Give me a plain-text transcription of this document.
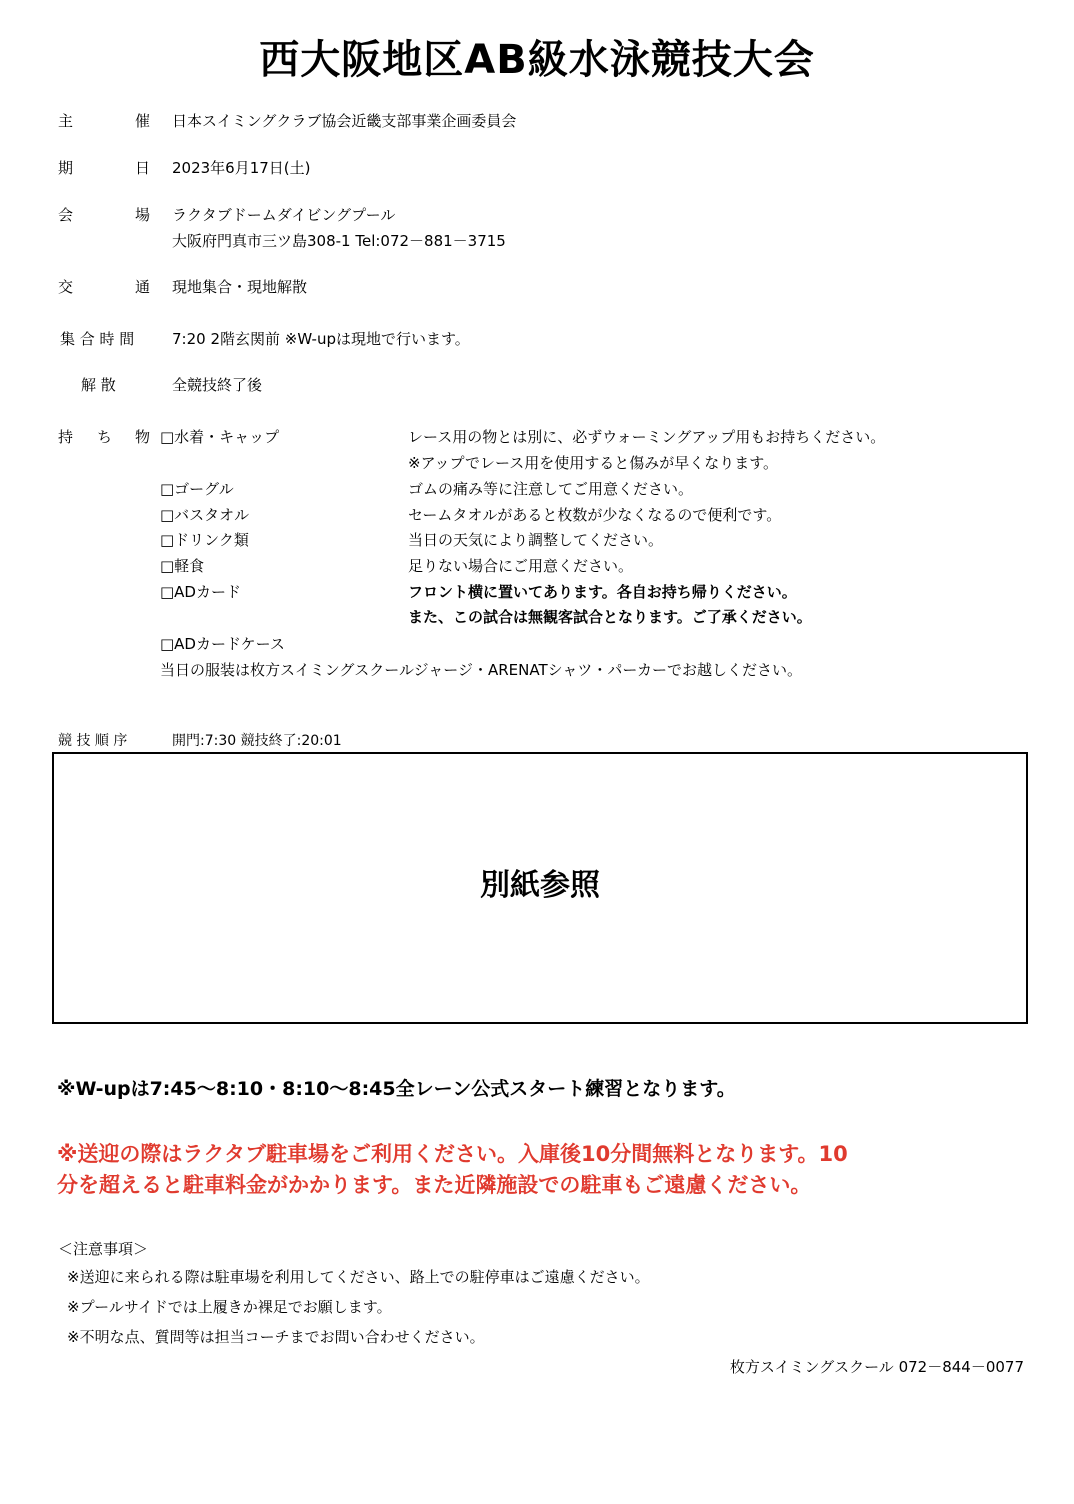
西大阪地区AB級水泳競技大会
主	催 日本スイミングクラブ協会近畿支部事業企画委員会
期	日 2023年6月17日(土)
会	場 ラクタブドームダイビングプール
大阪府門真市三ツ島308-1 Tel:072－881－3715
交	通 現地集合・現地解散
集 合 時 間	7:20 2階玄関前 ※W-upは現地で行います。
解 散	全競技終了後
持 ち 物 □水着・キャップ	レース用の物とは別に、必ずウォーミングアップ用もお持ちください。
※アップでレース用を使用すると傷みが早くなります。
□ゴーグル	ゴムの痛み等に注意してご用意ください。
□バスタオル	セームタオルがあると枚数が少なくなるので便利です。
□ドリンク類	当日の天気により調整してください。
□軽食	足りない場合にご用意ください。
□ADカード	フロント横に置いてあります。各自お持ち帰りください。
また、この試合は無観客試合となります。ご了承ください。
□ADカードケース
当日の服装は枚方スイミングスクールジャージ・ARENATシャツ・パーカーでお越しください。
競 技 順 序	開門:7:30 競技終了:20:01
別紙参照
※W-upは7:45～8:10・8:10～8:45全レーン公式スタート練習となります。
※送迎の際はラクタブ駐車場をご利用ください。入庫後10分間無料となります。10
分を超えると駐車料金がかかります。また近隣施設での駐車もご遠慮ください。
＜注意事項＞
※送迎に来られる際は駐車場を利用してください、路上での駐停車はご遠慮ください。
※プールサイドでは上履きか裸足でお願します。
※不明な点、質問等は担当コーチまでお問い合わせください。
枚方スイミングスクール 072－844－0077
